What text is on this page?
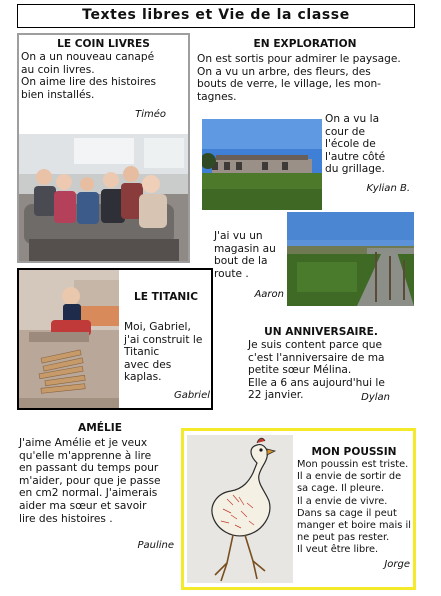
Textes libres et Vie de la classe
LE COIN LIVRES
On a un nouveau canapé
au coin livres.
On aime lire des histoires
bien installés.
Timéo
EN EXPLORATION
On est sortis pour admirer le paysage.
On a vu un arbre, des fleurs, des
bouts de verre, le village, les mon-
tagnes.
On a vu la
cour de
l'école de
l'autre côté
du grillage.
Kylian B.
J'ai vu un
magasin au
bout de la
route .
Aaron
LE TITANIC
Moi, Gabriel,
j'ai construit le
Titanic
avec des
kaplas.
Gabriel
UN ANNIVERSAIRE.
Je suis content parce que
c'est l'anniversaire de ma
petite sœur Mélina.
Elle a 6 ans aujourd'hui le
22 janvier.	Dylan
AMÉLIE
J'aime Amélie et je veux
qu'elle m'apprenne à lire
en passant du temps pour
m'aider, pour que je passe
en cm2 normal. J'aimerais
aider ma sœur et savoir
lire des histoires .
Pauline
MON POUSSIN
Mon poussin est triste.
Il a envie de sortir de
sa cage. Il pleure.
Il a envie de vivre.
Dans sa cage il peut
manger et boire mais il
ne peut pas rester.
Il veut être libre.
Jorge
